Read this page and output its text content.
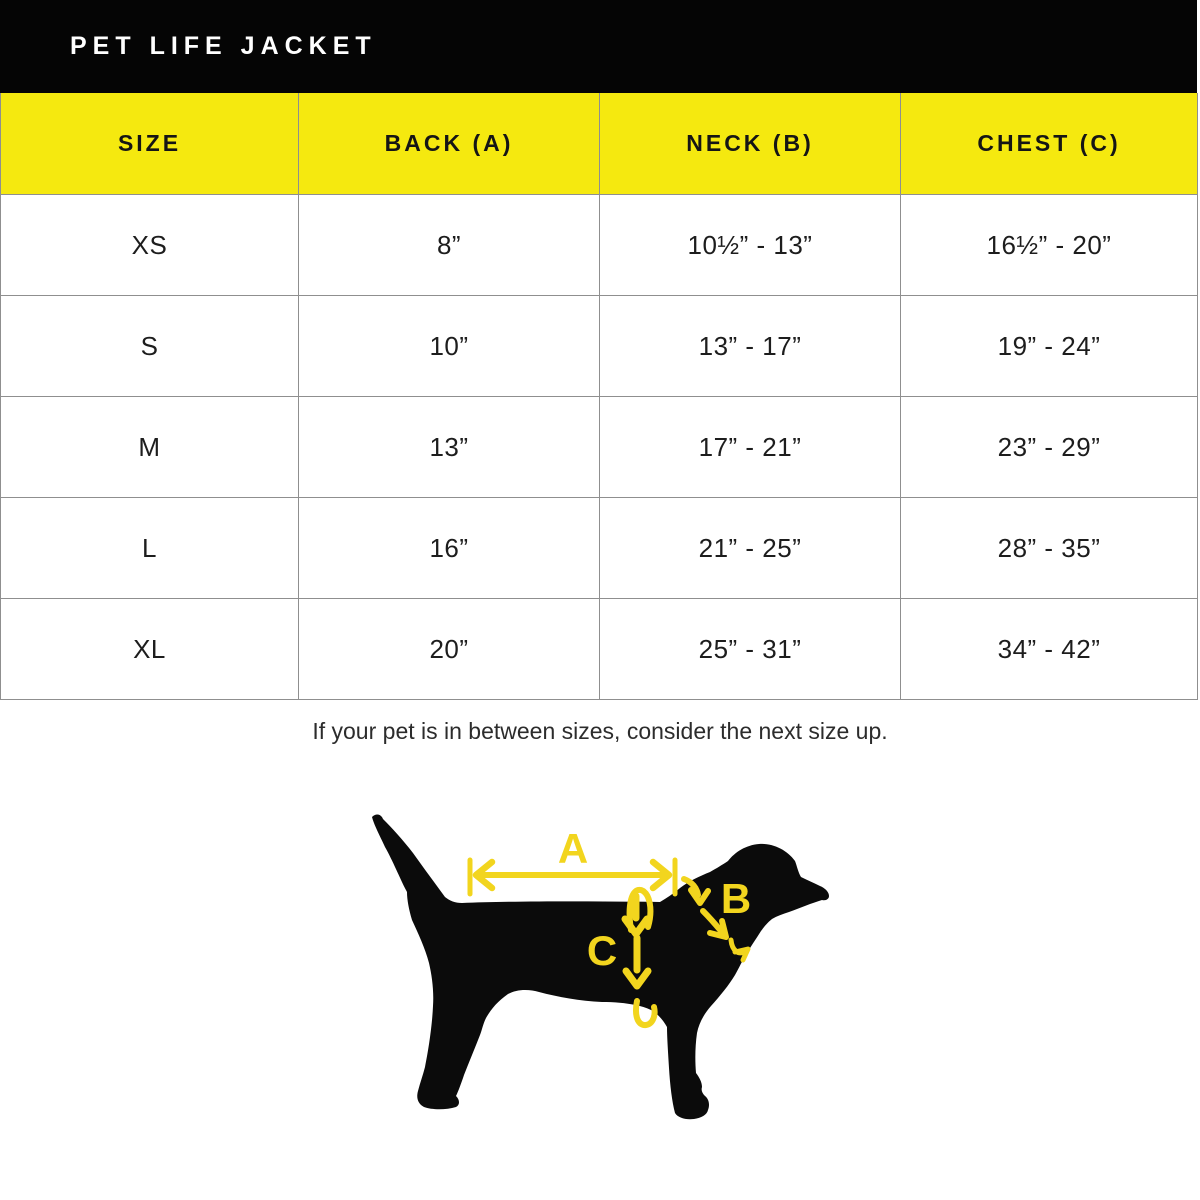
PET LIFE JACKET
SIZE	BACK (A)	NECK (B)	CHEST (C)
XS	8”	10½” - 13”	16½” - 20”
S	10”	13” - 17”	19” - 24”
M	13”	17” - 21”	23” - 29”
L	16”	21” - 25”	28” - 35”
XL	20”	25” - 31”	34” - 42”

If your pet is in between sizes, consider the next size up.

A
B
C
